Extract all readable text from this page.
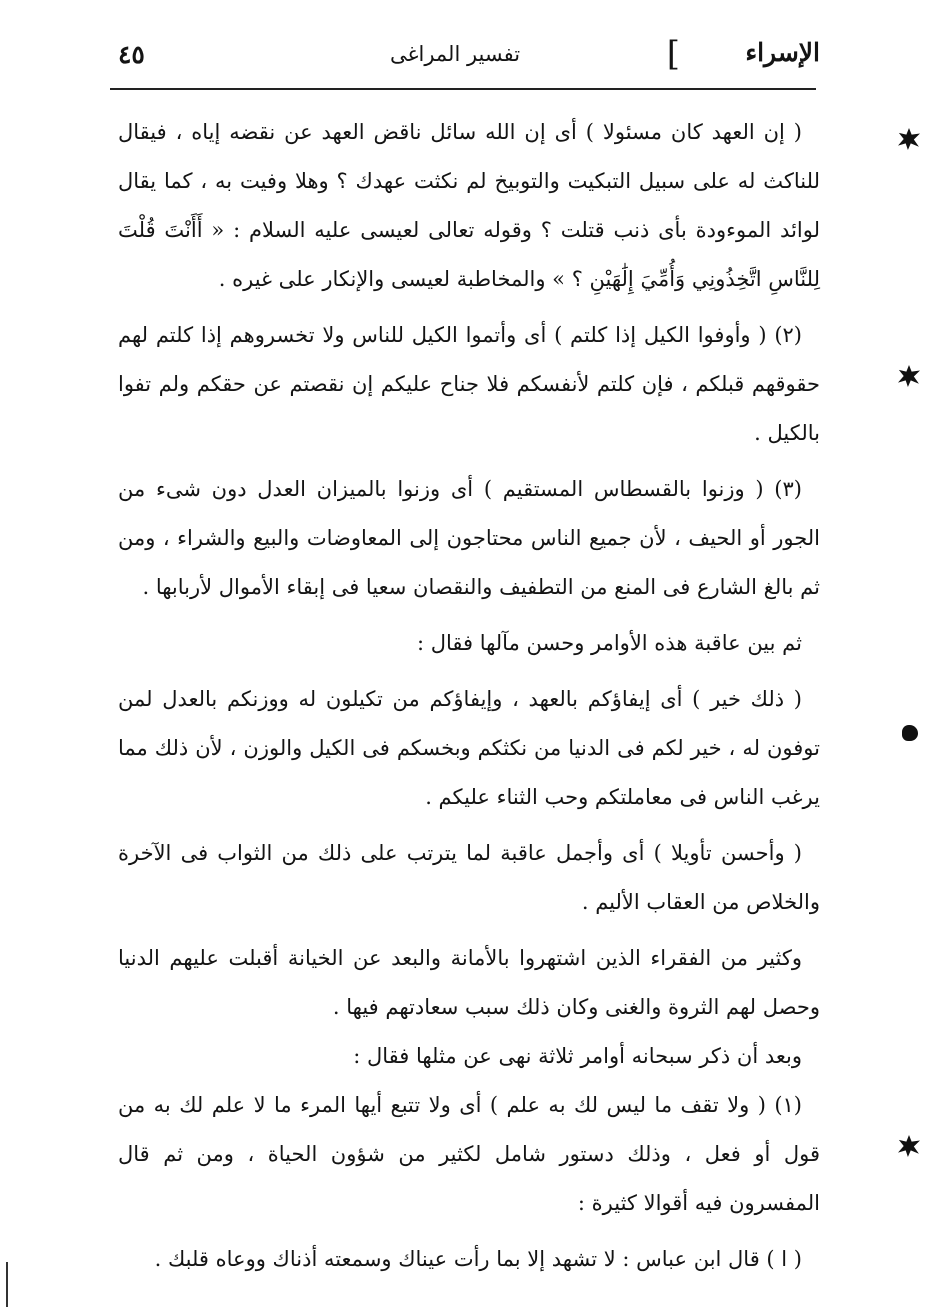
الإسراء
]
تفسير المراغى
٤٥

( إن العهد كان مسئولا ) أى إن الله سائل ناقض العهد عن نقضه إياه ، فيقال للناكث له على سبيل التبكيت والتوبيخ لم نكثت عهدك ؟ وهلا وفيت به ، كما يقال لوائد الموءودة بأى ذنب قتلت ؟ وقوله تعالى لعيسى عليه السلام : « أَأَنْتَ قُلْتَ لِلنَّاسِ اتَّخِذُونِي وَأُمِّيَ إِلَٰهَيْنِ ؟ » والمخاطبة لعيسى والإنكار على غيره .

(٢) ( وأوفوا الكيل إذا كلتم ) أى وأتموا الكيل للناس ولا تخسروهم إذا كلتم لهم حقوقهم قبلكم ، فإن كلتم لأنفسكم فلا جناح عليكم إن نقصتم عن حقكم ولم تفوا بالكيل .

(٣) ( وزنوا بالقسطاس المستقيم ) أى وزنوا بالميزان العدل دون شىء من الجور أو الحيف ، لأن جميع الناس محتاجون إلى المعاوضات والبيع والشراء ، ومن ثم بالغ الشارع فى المنع من التطفيف والنقصان سعيا فى إبقاء الأموال لأربابها .

ثم بين عاقبة هذه الأوامر وحسن مآلها فقال :

( ذلك خير ) أى إيفاؤكم بالعهد ، وإيفاؤكم من تكيلون له ووزنكم بالعدل لمن توفون له ، خير لكم فى الدنيا من نكثكم وبخسكم فى الكيل والوزن ، لأن ذلك مما يرغب الناس فى معاملتكم وحب الثناء عليكم .

( وأحسن تأويلا ) أى وأجمل عاقبة لما يترتب على ذلك من الثواب فى الآخرة والخلاص من العقاب الأليم .

وكثير من الفقراء الذين اشتهروا بالأمانة والبعد عن الخيانة أقبلت عليهم الدنيا وحصل لهم الثروة والغنى وكان ذلك سبب سعادتهم فيها .

وبعد أن ذكر سبحانه أوامر ثلاثة نهى عن مثلها فقال :

(١) ( ولا تقف ما ليس لك به علم ) أى ولا تتبع أيها المرء ما لا علم لك به من قول أو فعل ، وذلك دستور شامل لكثير من شؤون الحياة ، ومن ثم قال المفسرون فيه أقوالا كثيرة :

( ا ) قال ابن عباس : لا تشهد إلا بما رأت عيناك وسمعته أذناك ووعاه قلبك .
